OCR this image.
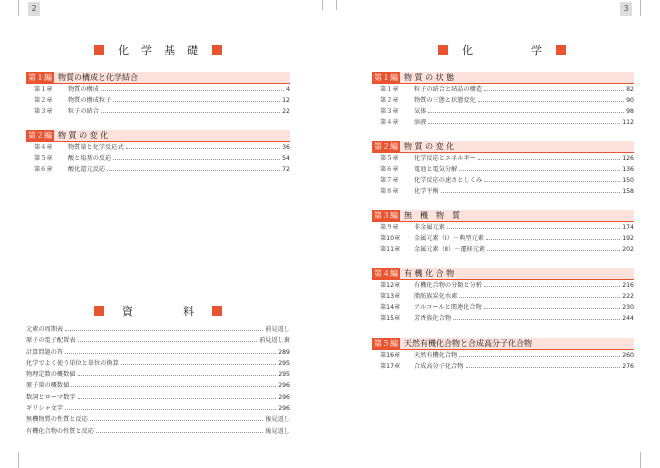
2	3
化 学 基 礎
第１編 物質の構成と化学結合
第１章	物質の構成	4
第２章	物質の構成粒子	12
第３章	粒子の結合	22
第２編 物 質 の 変 化
第４章	物質量と化学反応式	36
第５章	酸と塩基の反応	54
第６章	酸化還元反応	72
資	料
元素の周期表	前見返し
原子の電子配置表	前見返し裏
計算問題の答	289
化学でよく使う単位と単位の換算	295
物理定数の概数値	295
原子量の概数値	296
数詞とローマ数字	296
ギリシャ文字	296
無機物質の性質と反応	後見返し
有機化合物の性質と反応	後見返し
化	学
第１編 物 質 の 状 態
第１章	粒子の結合と結晶の構造	82
第２章	物質の三態と状態変化	90
第３章	気体	98
第４章	溶液	112
第２編 物 質 の 変 化
第５章	化学反応とエネルギー	126
第６章	電池と電気分解	136
第７章	化学反応の速さとしくみ	150
第８章	化学平衡	158
第３編 無　機　物　質
第９章	非金属元素	174
第10章	金属元素（Ⅰ）－典型元素	192
第11章	金属元素（Ⅱ）－遷移元素	202
第４編 有 機 化 合 物
第12章	有機化合物の分類と分析	216
第13章	脂肪族炭化水素	222
第14章	アルコールと関連化合物	230
第15章	芳香族化合物	244
第５編 天然有機化合物と合成高分子化合物
第16章	天然有機化合物	260
第17章	合成高分子化合物	276
